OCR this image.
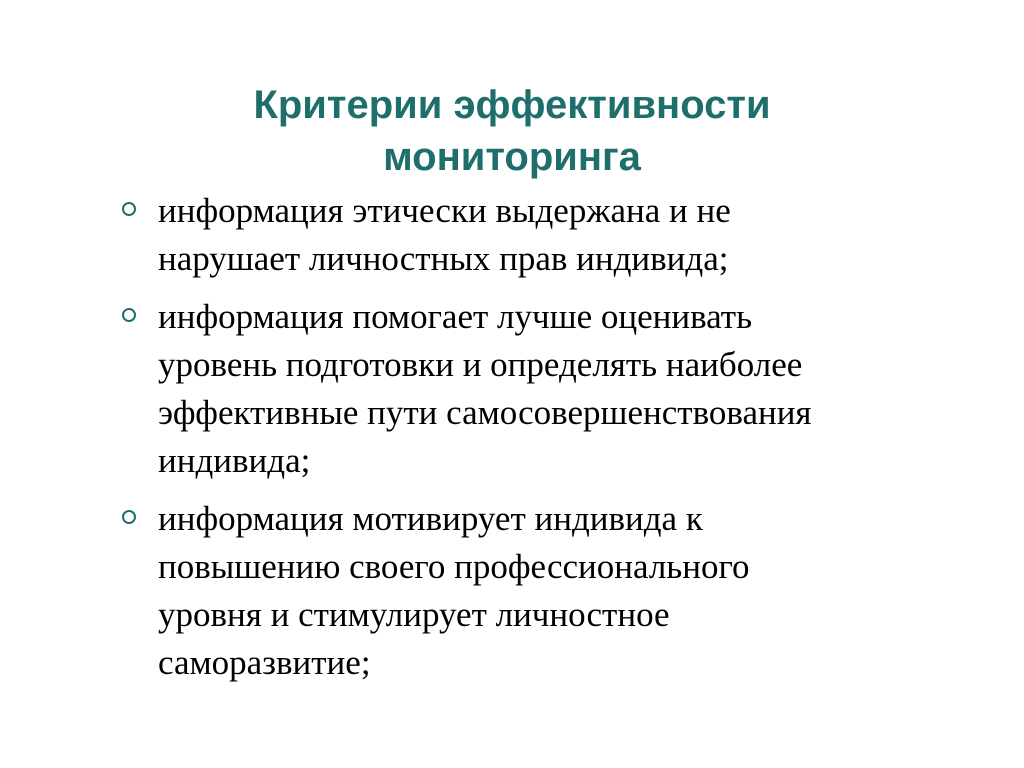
Критерии эффективности
мониторинга
информация этически выдержана и не
нарушает личностных прав индивида;
информация помогает лучше оценивать
уровень подготовки и определять наиболее
эффективные пути самосовершенствования
индивида;
информация мотивирует индивида к
повышению своего профессионального
уровня и стимулирует личностное
саморазвитие;
